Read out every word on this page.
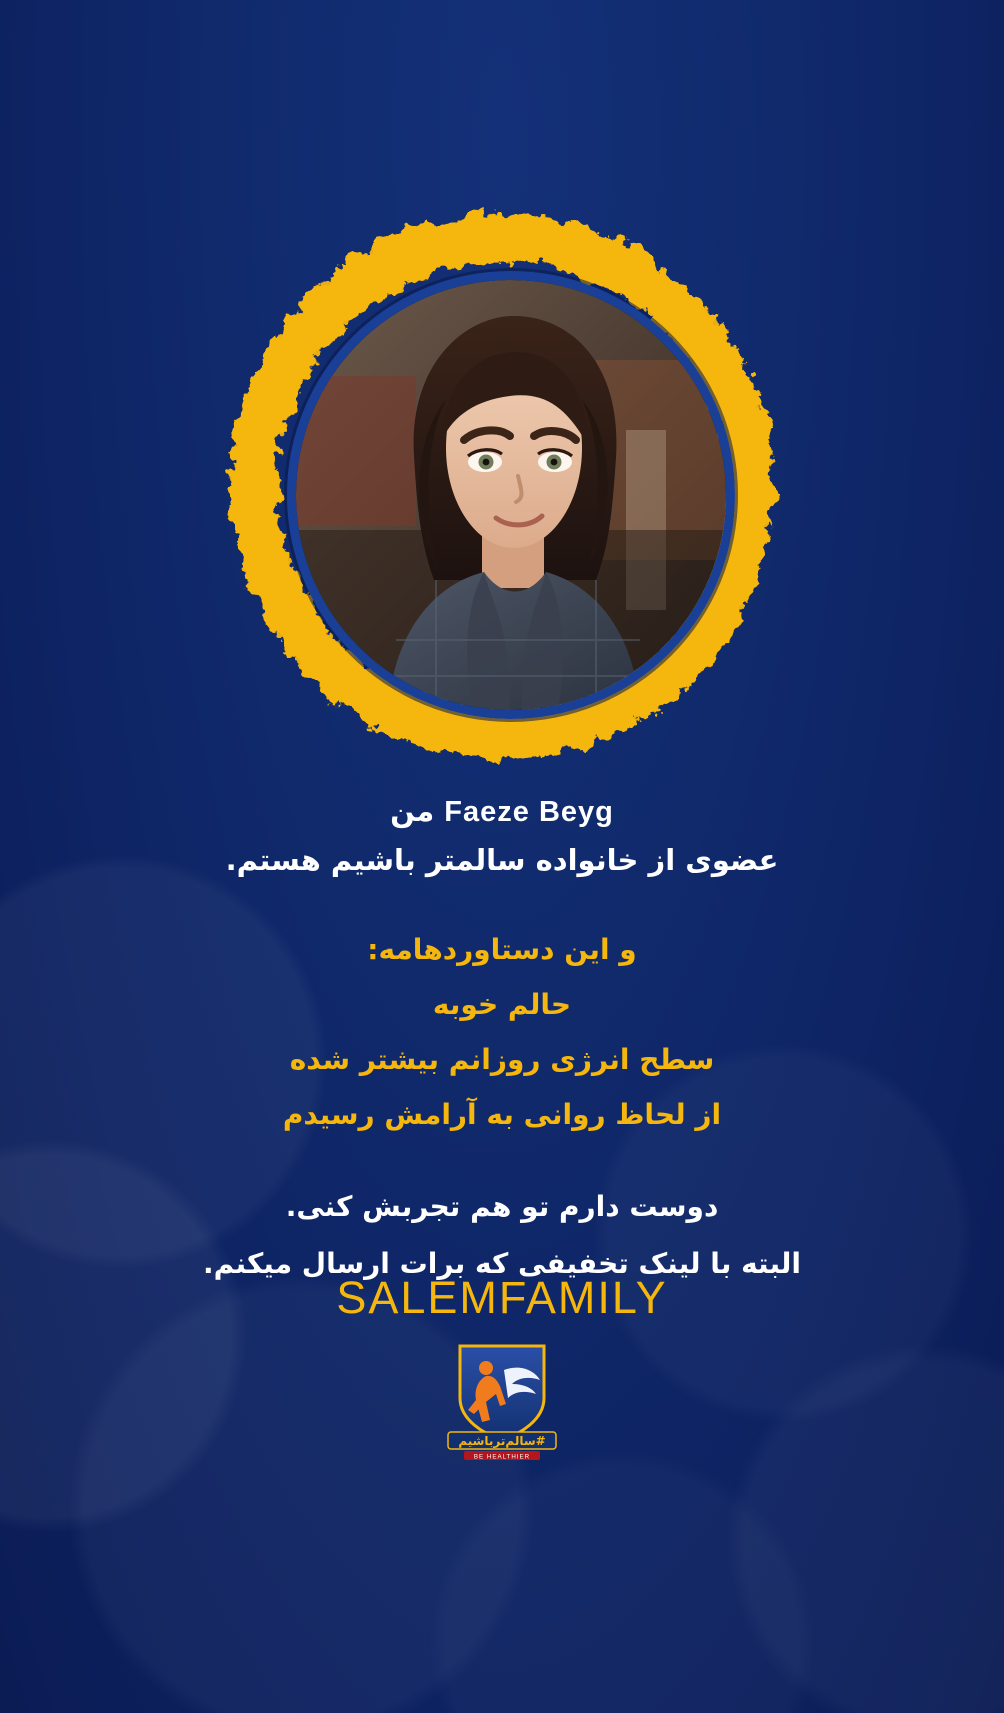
Faeze Beyg من
عضوی از خانواده سالمتر باشیم هستم.
و این دستاوردهامه:
حالم خوبه
سطح انرژی روزانم بیشتر شده
از لحاظ روانی به آرامش رسیدم
دوست دارم تو هم تجربش کنی.
البته با لینک تخفیفی که برات ارسال میکنم.
SALEMFAMILY
#سالم‌تر‌باشیم
BE HEALTHIER
